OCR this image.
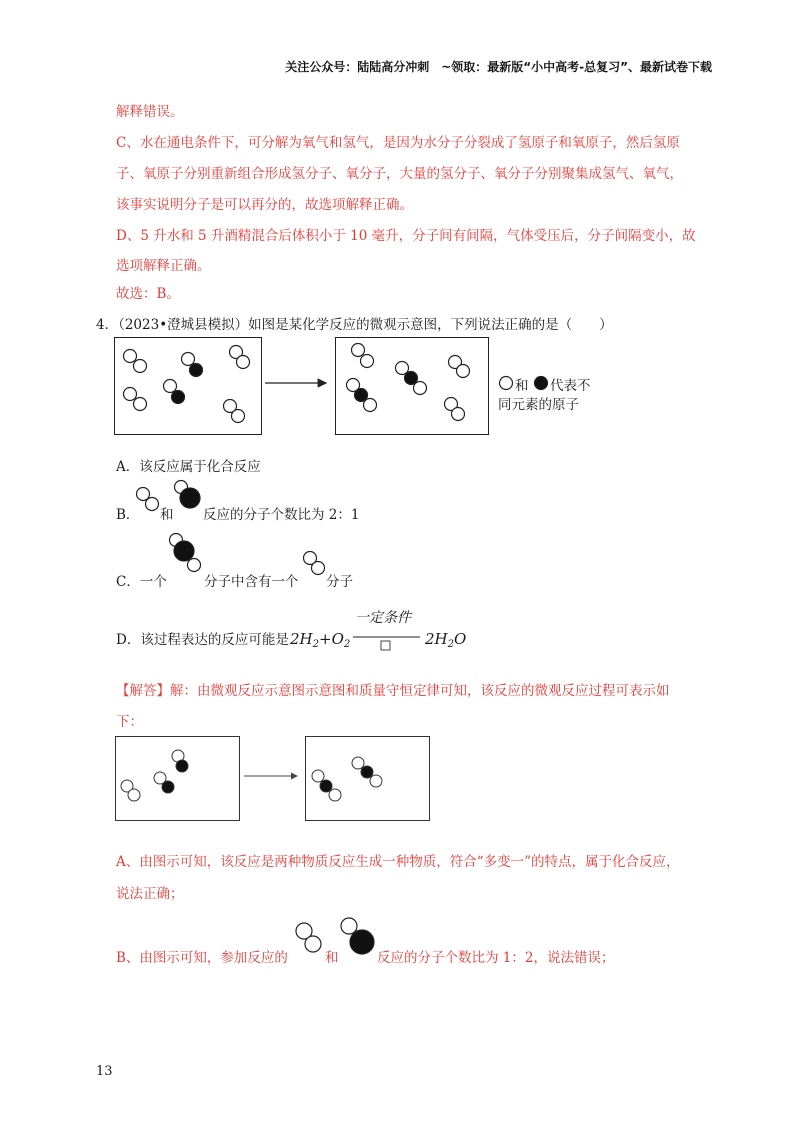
关注公众号：陆陆高分冲刺　~领取：最新版“小中高考-总复习”、最新试卷下载
解释错误。
C、水在通电条件下，可分解为氧气和氢气，是因为水分子分裂成了氢原子和氧原子，然后氢原
子、氧原子分别重新组合形成氢分子、氧分子，大量的氢分子、氧分子分别聚集成氢气、氧气，
该事实说明分子是可以再分的，故选项解释正确。
D、5 升水和 5 升酒精混合后体积小于 10 毫升，分子间有间隔，气体受压后，分子间隔变小，故
选项解释正确。
故选：B。
4．（2023•澄城县模拟）如图是某化学反应的微观示意图，下列说法正确的是（　　）
和 代表不
同元素的原子
A．该反应属于化合反应
B． 和 反应的分子个数比为 2：1
C．一个	分子中含有一个 分子
D．该过程表达的反应可能是 $2H_2+O_2$
一定条件
$2H_2O$
【解答】解：由微观反应示意图示意图和质量守恒定律可知，该反应的微观反应过程可表示如
下：
A、由图示可知，该反应是两种物质反应生成一种物质，符合“多变一”的特点，属于化合反应，
说法正确；
B、由图示可知，参加反应的	和	反应的分子个数比为 1：2，说法错误；
13
